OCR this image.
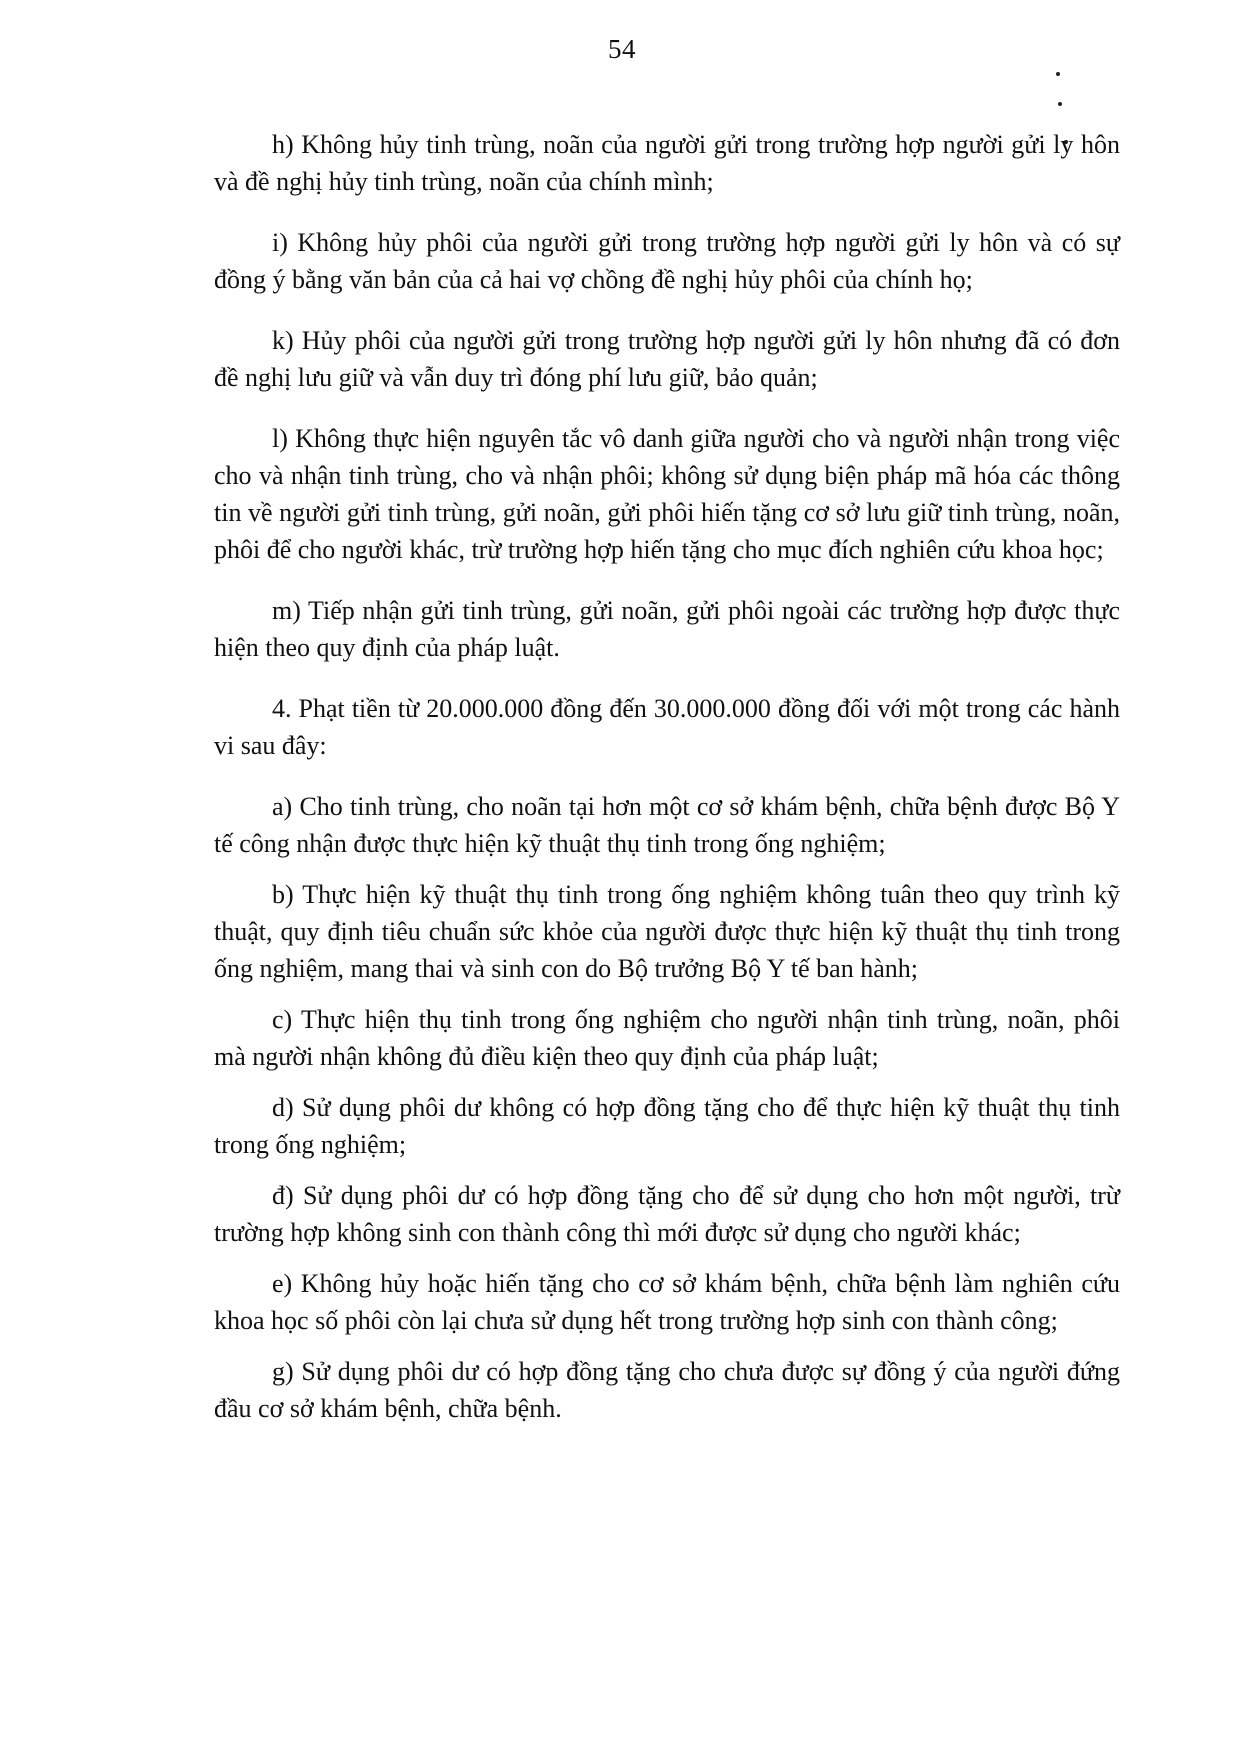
54

h) Không hủy tinh trùng, noãn của người gửi trong trường hợp người gửi ly hôn và đề nghị hủy tinh trùng, noãn của chính mình;

i) Không hủy phôi của người gửi trong trường hợp người gửi ly hôn và có sự đồng ý bằng văn bản của cả hai vợ chồng đề nghị hủy phôi của chính họ;

k) Hủy phôi của người gửi trong trường hợp người gửi ly hôn nhưng đã có đơn đề nghị lưu giữ và vẫn duy trì đóng phí lưu giữ, bảo quản;

l) Không thực hiện nguyên tắc vô danh giữa người cho và người nhận trong việc cho và nhận tinh trùng, cho và nhận phôi; không sử dụng biện pháp mã hóa các thông tin về người gửi tinh trùng, gửi noãn, gửi phôi hiến tặng cơ sở lưu giữ tinh trùng, noãn, phôi để cho người khác, trừ trường hợp hiến tặng cho mục đích nghiên cứu khoa học;

m) Tiếp nhận gửi tinh trùng, gửi noãn, gửi phôi ngoài các trường hợp được thực hiện theo quy định của pháp luật.

4. Phạt tiền từ 20.000.000 đồng đến 30.000.000 đồng đối với một trong các hành vi sau đây:

a) Cho tinh trùng, cho noãn tại hơn một cơ sở khám bệnh, chữa bệnh được Bộ Y tế công nhận được thực hiện kỹ thuật thụ tinh trong ống nghiệm;

b) Thực hiện kỹ thuật thụ tinh trong ống nghiệm không tuân theo quy trình kỹ thuật, quy định tiêu chuẩn sức khỏe của người được thực hiện kỹ thuật thụ tinh trong ống nghiệm, mang thai và sinh con do Bộ trưởng Bộ Y tế ban hành;

c) Thực hiện thụ tinh trong ống nghiệm cho người nhận tinh trùng, noãn, phôi mà người nhận không đủ điều kiện theo quy định của pháp luật;

d) Sử dụng phôi dư không có hợp đồng tặng cho để thực hiện kỹ thuật thụ tinh trong ống nghiệm;

đ) Sử dụng phôi dư có hợp đồng tặng cho để sử dụng cho hơn một người, trừ trường hợp không sinh con thành công thì mới được sử dụng cho người khác;

e) Không hủy hoặc hiến tặng cho cơ sở khám bệnh, chữa bệnh làm nghiên cứu khoa học số phôi còn lại chưa sử dụng hết trong trường hợp sinh con thành công;

g) Sử dụng phôi dư có hợp đồng tặng cho chưa được sự đồng ý của người đứng đầu cơ sở khám bệnh, chữa bệnh.
